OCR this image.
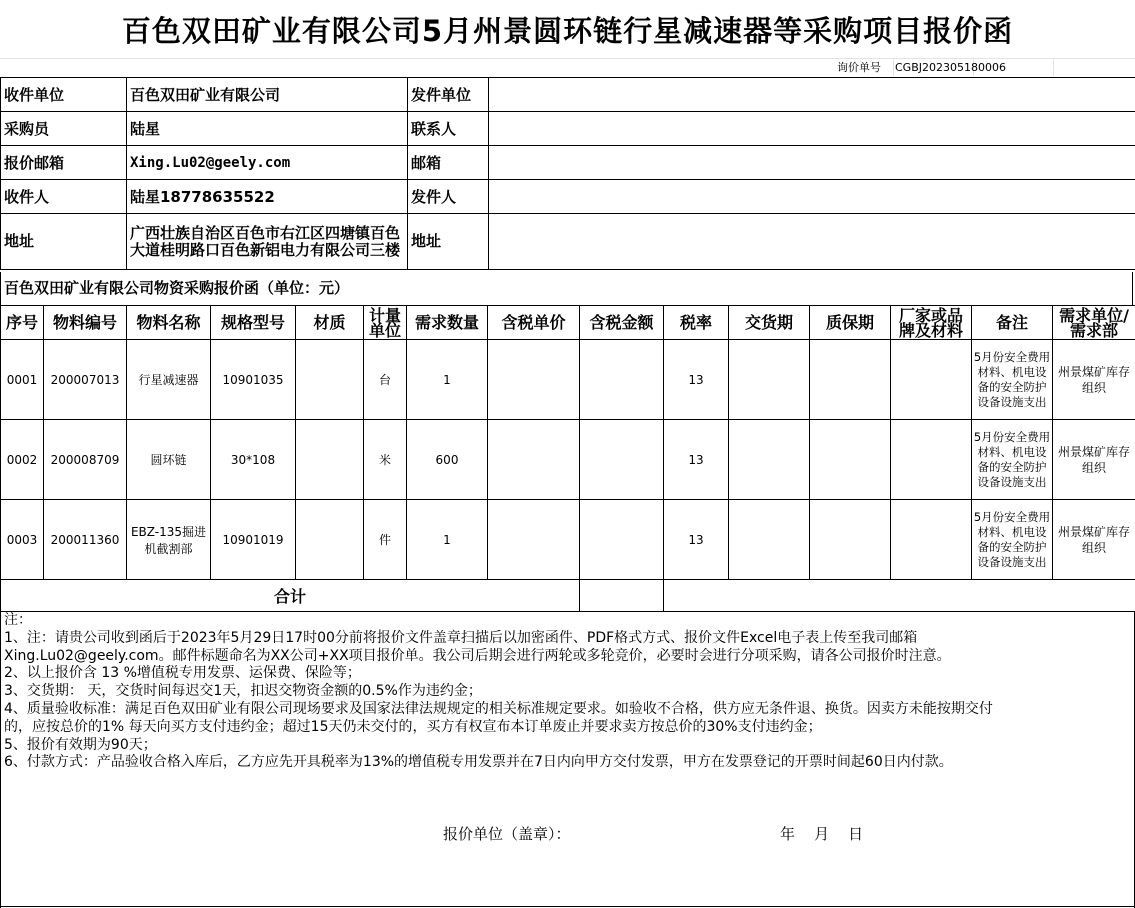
百色双田矿业有限公司5月州景圆环链行星减速器等采购项目报价函
询价单号 CGBJ202305180006
收件单位	百色双田矿业有限公司	发件单位	
采购员	陆星	联系人	
报价邮箱	Xing.Lu02@geely.com	邮箱	
收件人	陆星18778635522	发件人	
地址	广西壮族自治区百色市右江区四塘镇百色大道桂明路口百色新铝电力有限公司三楼	地址	
百色双田矿业有限公司物资采购报价函（单位：元）
序号	物料编号	物料名称	规格型号	材质	计量单位	需求数量	含税单价	含税金额	税率	交货期	质保期	厂家或品牌及材料	备注	需求单位/需求部
0001	200007013	行星减速器	10901035		台	1			13				5月份安全费用材料、机电设备的安全防护设备设施支出	州景煤矿库存组织
0002	200008709	圆环链	30*108		米	600			13				5月份安全费用材料、机电设备的安全防护设备设施支出	州景煤矿库存组织
0003	200011360	EBZ-135掘进机截割部	10901019		件	1			13				5月份安全费用材料、机电设备的安全防护设备设施支出	州景煤矿库存组织
合计														
注：
1、注：请贵公司收到函后于2023年5月29日17时00分前将报价文件盖章扫描后以加密函件、PDF格式方式、报价文件Excel电子表上传至我司邮箱
Xing.Lu02@geely.com。邮件标题命名为XX公司+XX项目报价单。我公司后期会进行两轮或多轮竞价，必要时会进行分项采购，请各公司报价时注意。
2、以上报价含 13 %增值税专用发票、运保费、保险等；
3、交货期： 天，交货时间每迟交1天，扣迟交物资金额的0.5%作为违约金；
4、质量验收标准：满足百色双田矿业有限公司现场要求及国家法律法规规定的相关标准规定要求。如验收不合格，供方应无条件退、换货。因卖方未能按期交付
的，应按总价的1% 每天向买方支付违约金；超过15天仍未交付的，买方有权宣布本订单废止并要求卖方按总价的30%支付违约金；
5、报价有效期为90天；
6、付款方式：产品验收合格入库后，乙方应先开具税率为13%的增值税专用发票并在7日内向甲方交付发票，甲方在发票登记的开票时间起60日内付款。
报价单位（盖章）：	年    月    日
